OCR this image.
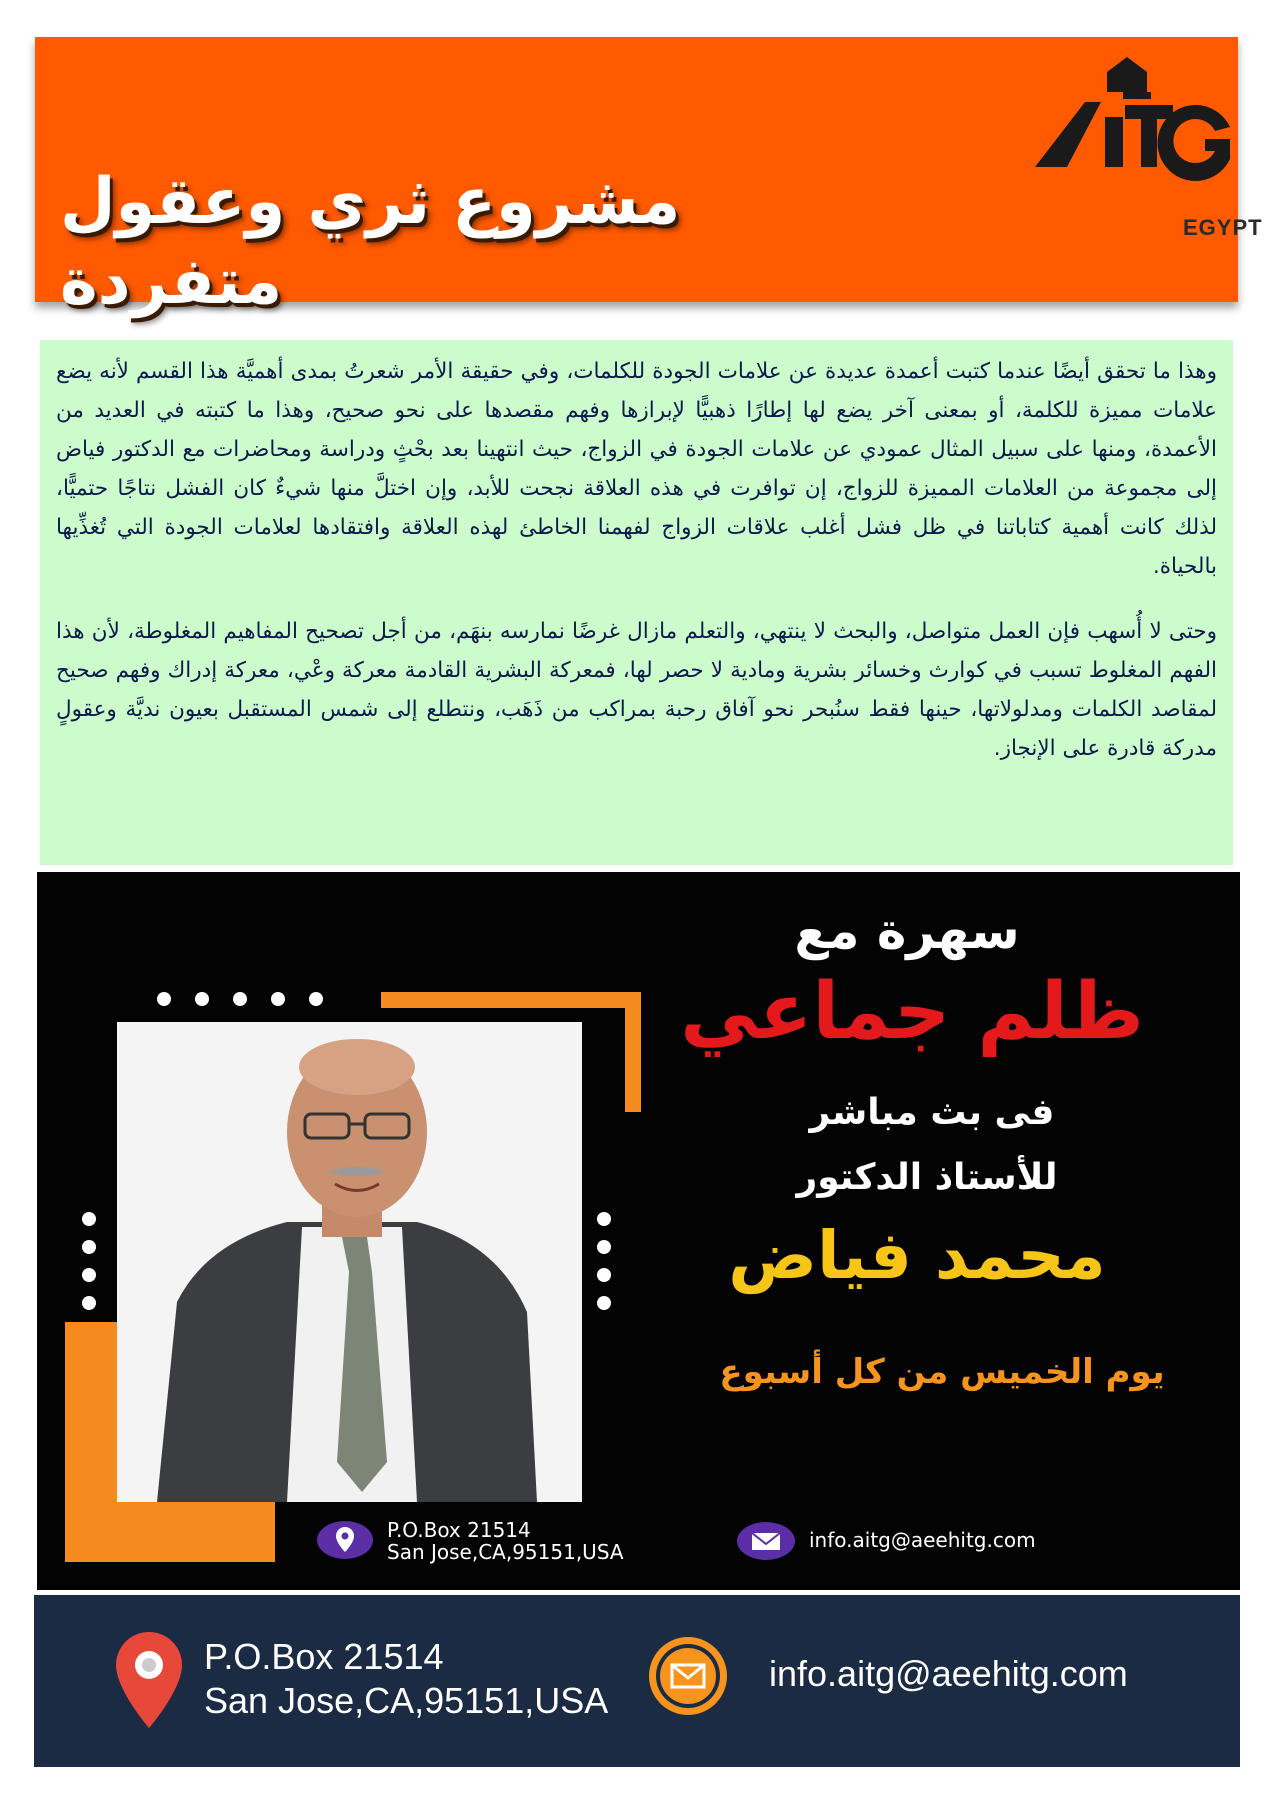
مشروع ثري وعقول متفردة
EGYPT

وهذا ما تحقق أيضًا عندما كتبت أعمدة عديدة عن علامات الجودة للكلمات، وفي حقيقة الأمر شعرتُ بمدى أهميَّة هذا القسم لأنه يضع علامات مميزة للكلمة، أو بمعنى آخر يضع لها إطارًا ذهبيًّا لإبرازها وفهم مقصدها على نحو صحيح، وهذا ما كتبته في العديد من الأعمدة، ومنها على سبيل المثال عمودي عن علامات الجودة في الزواج، حيث انتهينا بعد بحْثٍ ودراسة ومحاضرات مع الدكتور فياض إلى مجموعة من العلامات المميزة للزواج، إن توافرت في هذه العلاقة نجحت للأبد، وإن اختلَّ منها شيءٌ كان الفشل نتاجًا حتميًّا، لذلك كانت أهمية كتاباتنا في ظل فشل أغلب علاقات الزواج لفهمنا الخاطئ لهذه العلاقة وافتقادها لعلامات الجودة التي تُغذِّيها بالحياة.

وحتى لا أُسهب فإن العمل متواصل، والبحث لا ينتهي، والتعلم مازال غرضًا نمارسه بنهَم، من أجل تصحيح المفاهيم المغلوطة، لأن هذا الفهم المغلوط تسبب في كوارث وخسائر بشرية ومادية لا حصر لها، فمعركة البشرية القادمة معركة وعْي، معركة إدراك وفهم صحيح لمقاصد الكلمات ومدلولاتها، حينها فقط سنُبحر نحو آفاق رحبة بمراكب من ذَهَب، ونتطلع إلى شمس المستقبل بعيون نديَّة وعقولٍ مدركة قادرة على الإنجاز.

سهرة مع
ظلم جماعي
فى بث مباشر
للأستاذ الدكتور
محمد فياض
يوم الخميس من كل أسبوع
P.O.Box 21514
San Jose,CA,95151,USA	info.aitg@aeehitg.com
P.O.Box 21514
San Jose,CA,95151,USA
info.aitg@aeehitg.com
